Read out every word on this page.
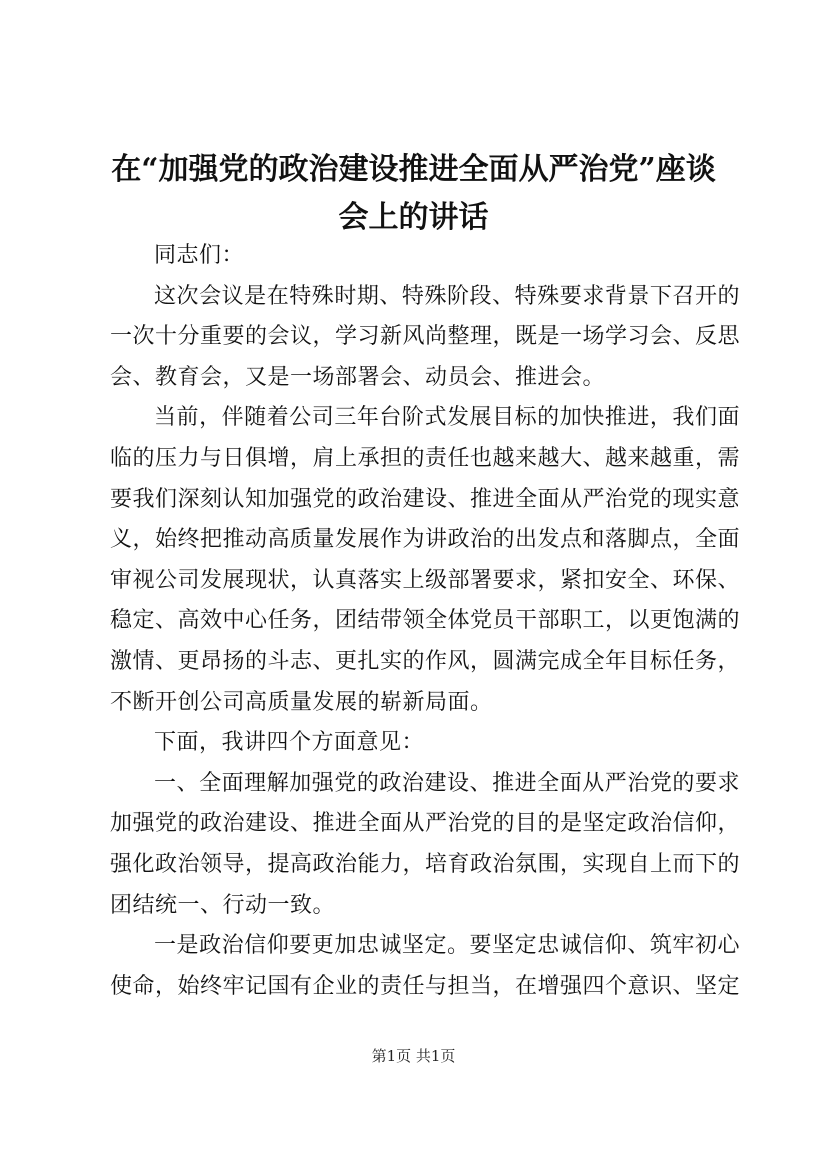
在“加强党的政治建设推进全面从严治党”座谈会上的讲话

同志们：

这次会议是在特殊时期、特殊阶段、特殊要求背景下召开的一次十分重要的会议，学习新风尚整理，既是一场学习会、反思会、教育会，又是一场部署会、动员会、推进会。

当前，伴随着公司三年台阶式发展目标的加快推进，我们面临的压力与日俱增，肩上承担的责任也越来越大、越来越重，需要我们深刻认知加强党的政治建设、推进全面从严治党的现实意义，始终把推动高质量发展作为讲政治的出发点和落脚点，全面审视公司发展现状，认真落实上级部署要求，紧扣安全、环保、稳定、高效中心任务，团结带领全体党员干部职工，以更饱满的激情、更昂扬的斗志、更扎实的作风，圆满完成全年目标任务，不断开创公司高质量发展的崭新局面。

下面，我讲四个方面意见：

一、全面理解加强党的政治建设、推进全面从严治党的要求加强党的政治建设、推进全面从严治党的目的是坚定政治信仰，强化政治领导，提高政治能力，培育政治氛围，实现自上而下的团结统一、行动一致。

一是政治信仰要更加忠诚坚定。要坚定忠诚信仰、筑牢初心使命，始终牢记国有企业的责任与担当，在增强四个意识、坚定

第1页 共1页
